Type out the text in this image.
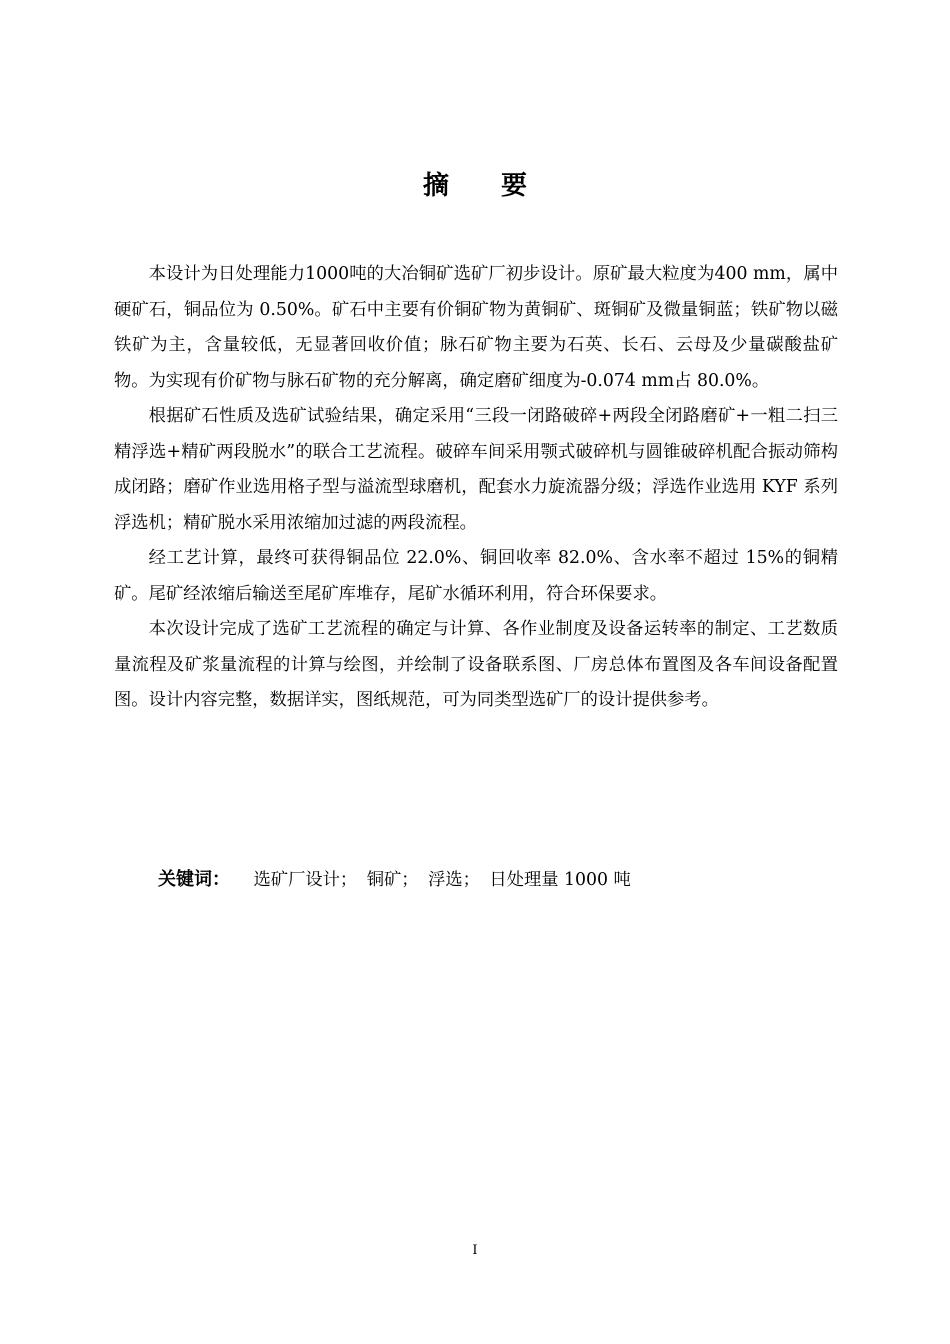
摘要

本设计为日处理能力1000吨的大冶铜矿选矿厂初步设计。原矿最大粒度为400 mm，属中硬矿石，铜品位为 0.50%。矿石中主要有价铜矿物为黄铜矿、斑铜矿及微量铜蓝；铁矿物以磁铁矿为主，含量较低，无显著回收价值；脉石矿物主要为石英、长石、云母及少量碳酸盐矿物。为实现有价矿物与脉石矿物的充分解离，确定磨矿细度为-0.074 mm占 80.0%。

根据矿石性质及选矿试验结果，确定采用“三段一闭路破碎+两段全闭路磨矿+一粗二扫三精浮选+精矿两段脱水”的联合工艺流程。破碎车间采用颚式破碎机与圆锥破碎机配合振动筛构成闭路；磨矿作业选用格子型与溢流型球磨机，配套水力旋流器分级；浮选作业选用 KYF 系列浮选机；精矿脱水采用浓缩加过滤的两段流程。

经工艺计算，最终可获得铜品位 22.0%、铜回收率 82.0%、含水率不超过 15%的铜精矿。尾矿经浓缩后输送至尾矿库堆存，尾矿水循环利用，符合环保要求。

本次设计完成了选矿工艺流程的确定与计算、各作业制度及设备运转率的制定、工艺数质量流程及矿浆量流程的计算与绘图，并绘制了设备联系图、厂房总体布置图及各车间设备配置图。设计内容完整，数据详实，图纸规范，可为同类型选矿厂的设计提供参考。

关键词： 选矿厂设计； 铜矿； 浮选； 日处理量 1000 吨
I
